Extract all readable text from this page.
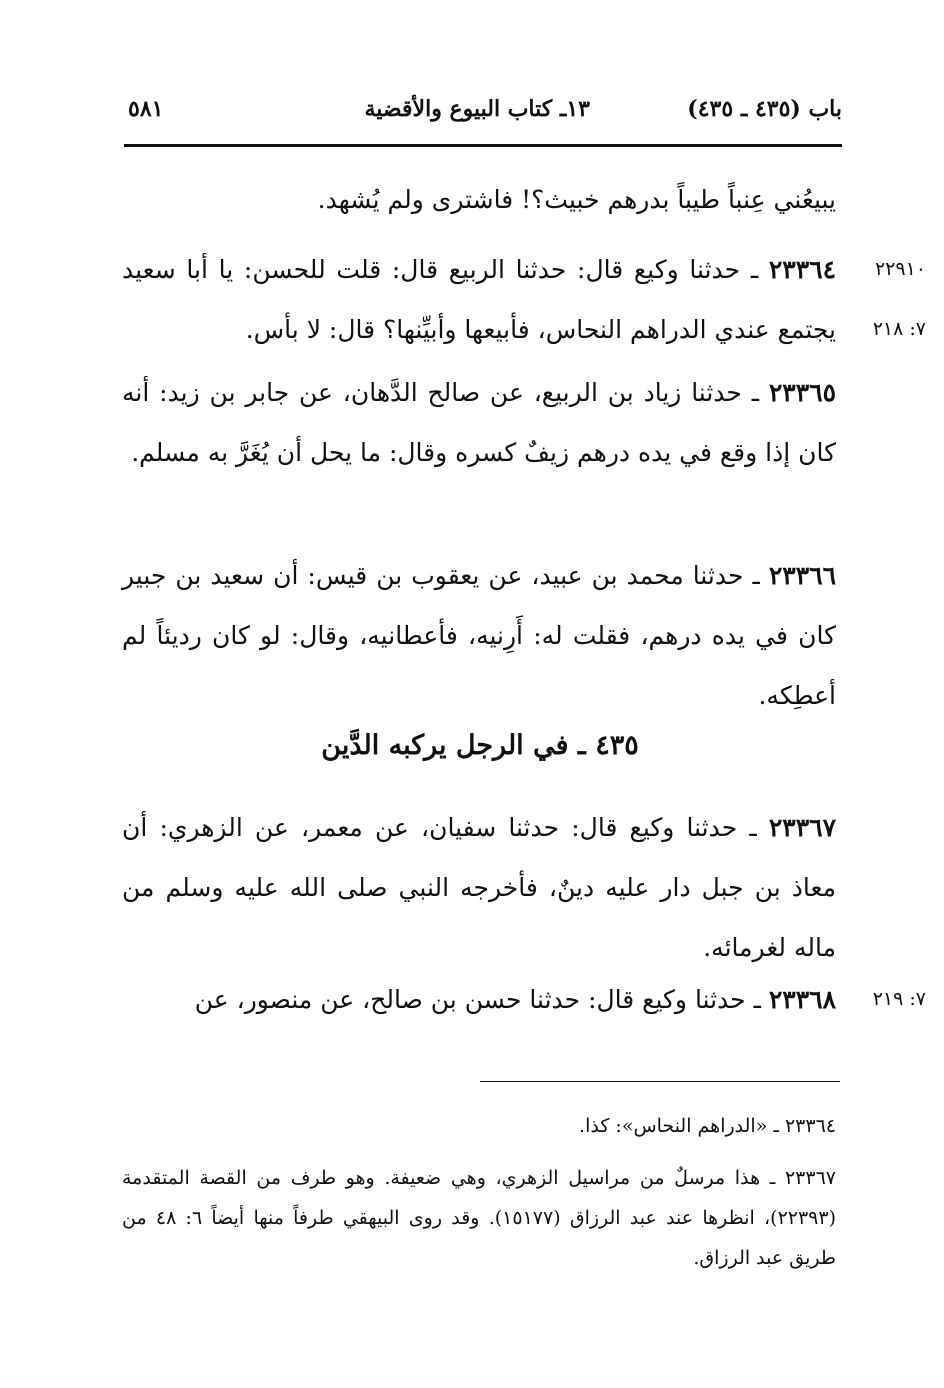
باب (٤٣٥ ـ ٤٣٥)
١٣ـ كتاب البيوع والأقضية
٥٨١
يبيعُني عِنباً طيباً بدرهم خبيث؟! فاشترى ولم يُشهد.
٢٢٩١٠
٧: ٢١٨
٢٣٣٦٤ ـ حدثنا وكيع قال: حدثنا الربيع قال: قلت للحسن: يا أبا سعيد يجتمع عندي الدراهم النحاس، فأبيعها وأبيِّنها؟ قال: لا بأس.
٢٣٣٦٥ ـ حدثنا زياد بن الربيع، عن صالح الدَّهان، عن جابر بن زيد: أنه كان إذا وقع في يده درهم زيفٌ كسره وقال: ما يحل أن يُغَرَّ به مسلم.
٢٣٣٦٦ ـ حدثنا محمد بن عبيد، عن يعقوب بن قيس: أن سعيد بن جبير كان في يده درهم، فقلت له: أَرِنيه، فأعطانيه، وقال: لو كان رديئاً لم أعطِكه.
٤٣٥ ـ في الرجل يركبه الدَّين
٢٣٣٦٧ ـ حدثنا وكيع قال: حدثنا سفيان، عن معمر، عن الزهري: أن معاذ بن جبل دار عليه دينٌ، فأخرجه النبي صلى الله عليه وسلم من ماله لغرمائه.
٧: ٢١٩
٢٣٣٦٨ ـ حدثنا وكيع قال: حدثنا حسن بن صالح، عن منصور، عن
٢٣٣٦٤ ـ «الدراهم النحاس»: كذا.
٢٣٣٦٧ ـ هذا مرسلٌ من مراسيل الزهري، وهي ضعيفة. وهو طرف من القصة المتقدمة (٢٢٣٩٣)، انظرها عند عبد الرزاق (١٥١٧٧). وقد روى البيهقي طرفاً منها أيضاً ٦: ٤٨ من طريق عبد الرزاق.
